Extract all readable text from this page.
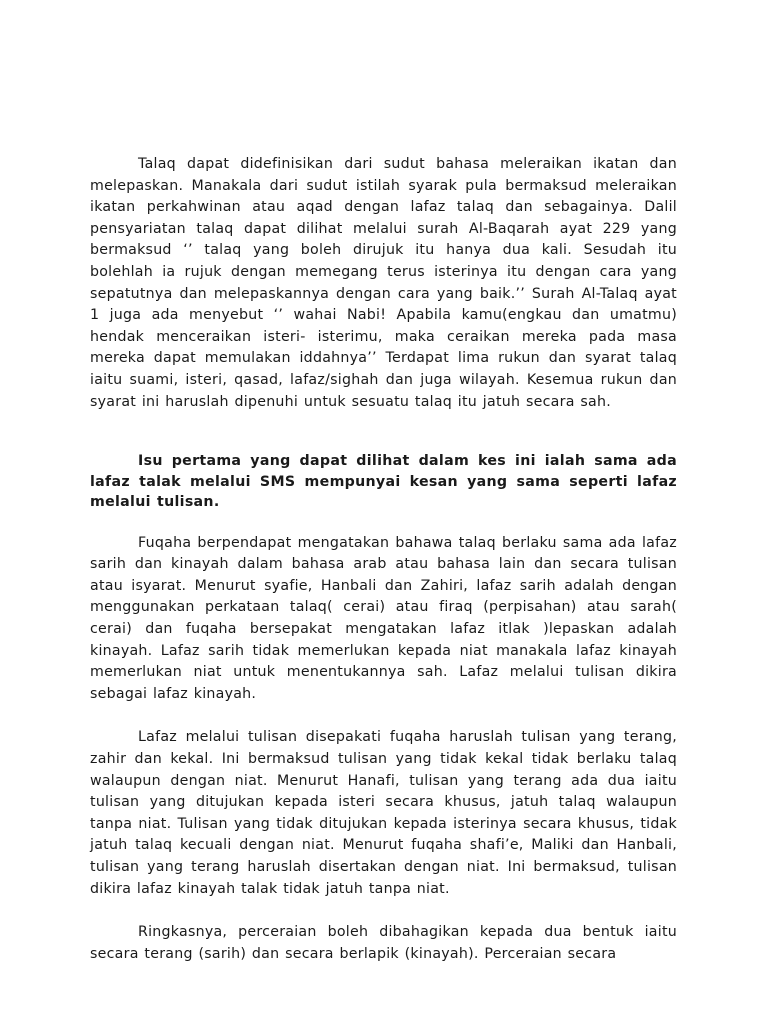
Talaq dapat didefinisikan dari sudut bahasa meleraikan ikatan dan melepaskan. Manakala dari sudut istilah syarak pula bermaksud meleraikan ikatan perkahwinan atau aqad dengan lafaz talaq dan sebagainya. Dalil pensyariatan talaq dapat dilihat melalui surah Al-Baqarah ayat 229 yang bermaksud ‘’ talaq yang boleh dirujuk itu hanya dua kali. Sesudah itu bolehlah ia rujuk dengan memegang terus isterinya itu dengan cara yang sepatutnya dan melepaskannya dengan cara yang baik.’’ Surah Al-Talaq ayat 1 juga ada menyebut ‘’ wahai Nabi! Apabila kamu(engkau dan umatmu) hendak menceraikan isteri- isterimu, maka ceraikan mereka pada masa mereka dapat memulakan iddahnya’’ Terdapat lima rukun dan syarat talaq iaitu suami, isteri, qasad, lafaz/sighah dan juga wilayah. Kesemua rukun dan syarat ini haruslah dipenuhi untuk sesuatu talaq itu jatuh secara sah.

Isu pertama yang dapat dilihat dalam kes ini ialah sama ada lafaz talak melalui SMS mempunyai kesan yang sama seperti lafaz melalui tulisan.

Fuqaha berpendapat mengatakan bahawa talaq berlaku sama ada lafaz sarih dan kinayah dalam bahasa arab atau bahasa lain dan secara tulisan atau isyarat. Menurut syafie, Hanbali dan Zahiri, lafaz sarih adalah dengan menggunakan perkataan talaq( cerai) atau firaq (perpisahan) atau sarah( cerai) dan fuqaha bersepakat mengatakan lafaz itlak )lepaskan adalah kinayah. Lafaz sarih tidak memerlukan kepada niat manakala lafaz kinayah memerlukan niat untuk menentukannya sah. Lafaz melalui tulisan dikira sebagai lafaz kinayah.

Lafaz melalui tulisan disepakati fuqaha haruslah tulisan yang terang, zahir dan kekal. Ini bermaksud tulisan yang tidak kekal tidak berlaku talaq walaupun dengan niat. Menurut Hanafi, tulisan yang terang ada dua iaitu tulisan yang ditujukan kepada isteri secara khusus, jatuh talaq walaupun tanpa niat. Tulisan yang tidak ditujukan kepada isterinya secara khusus, tidak jatuh talaq kecuali dengan niat. Menurut fuqaha shafi’e, Maliki dan Hanbali, tulisan yang terang haruslah disertakan dengan niat. Ini bermaksud, tulisan dikira lafaz kinayah talak tidak jatuh tanpa niat.

Ringkasnya, perceraian boleh dibahagikan kepada dua bentuk iaitu secara terang (sarih) dan secara berlapik (kinayah). Perceraian secara
